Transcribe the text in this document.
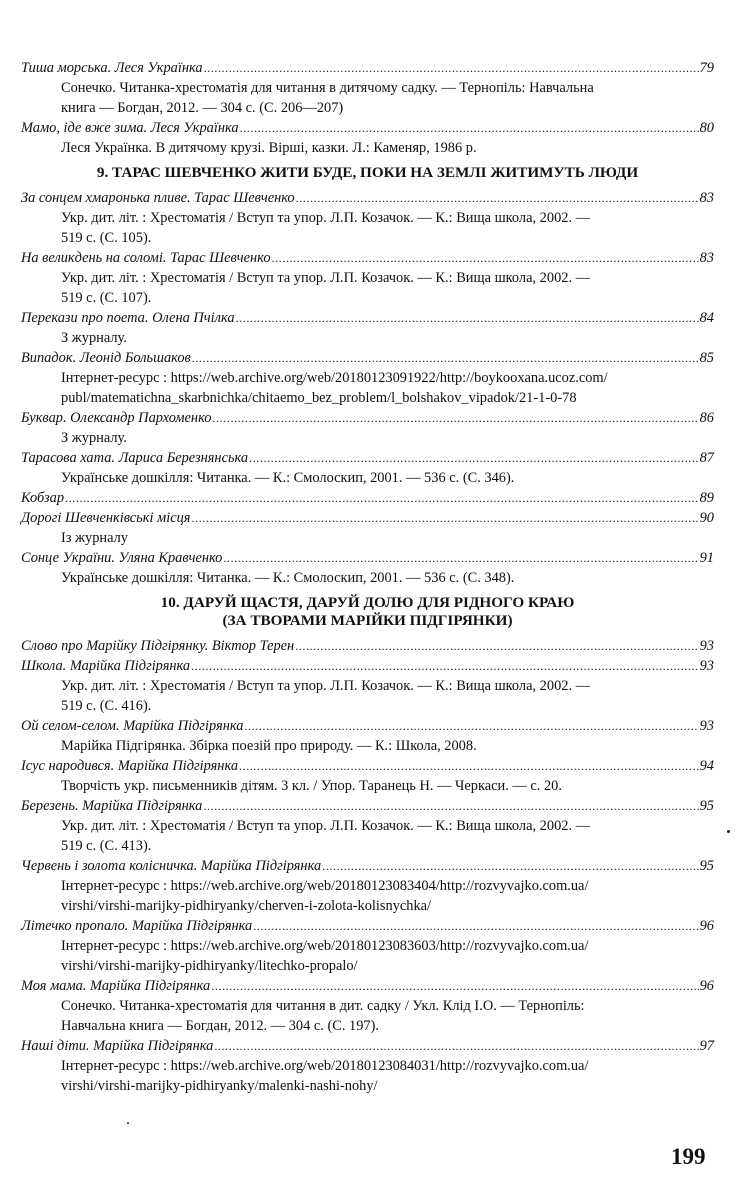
Тиша морська. Леся Українка .....	79
Сонечко. Читанка-хрестоматія для читання в дитячому садку. — Тернопіль: Навчальна
книга — Богдан, 2012. — 304 с. (С. 206—207)
Мамо, іде вже зима. Леся Українка .....	80
Леся Українка. В дитячому крузі. Вірші, казки. Л.: Каменяр, 1986 р.
9. ТАРАС ШЕВЧЕНКО ЖИТИ БУДЕ, ПОКИ НА ЗЕМЛІ ЖИТИМУТЬ ЛЮДИ
За сонцем хмаронька пливе. Тарас Шевченко .....	83
Укр. дит. літ. : Хрестоматія / Вступ та упор. Л.П. Козачок. — К.: Вища школа, 2002. —
519 с. (С. 105).
На великдень на соломі. Тарас Шевченко .....	83
Укр. дит. літ. : Хрестоматія / Вступ та упор. Л.П. Козачок. — К.: Вища школа, 2002. —
519 с. (С. 107).
Перекази про поета. Олена Пчілка .....	84
З журналу.
Випадок. Леонід Большаков .....	85
Інтернет-ресурс : https://web.archive.org/web/20180123091922/http://boykooxana.ucoz.com/
publ/matematichna_skarbnichka/chitaemo_bez_problem/l_bolshakov_vipadok/21-1-0-78
Буквар. Олександр Пархоменко .....	86
З журналу.
Тарасова хата. Лариса Березнянська .....	87
Українське дошкілля: Читанка. — К.: Смолоскип, 2001. — 536 с. (С. 346).
Кобзар .....	89
Дорогі Шевченківські місця .....	90
Із журналу
Сонце України. Уляна Кравченко .....	91
Українське дошкілля: Читанка. — К.: Смолоскип, 2001. — 536 с. (С. 348).
10. ДАРУЙ ЩАСТЯ, ДАРУЙ ДОЛЮ ДЛЯ РІДНОГО КРАЮ
(ЗА ТВОРАМИ МАРІЙКИ ПІДГІРЯНКИ)
Слово про Марійку Підгірянку. Віктор Терен .....	93
Школа. Марійка Підгірянка .....	93
Укр. дит. літ. : Хрестоматія / Вступ та упор. Л.П. Козачок. — К.: Вища школа, 2002. —
519 с. (С. 416).
Ой селом-селом. Марійка Підгірянка .....	93
Марійка Підгірянка. Збірка поезій про природу. — К.: Школа, 2008.
Ісус народився. Марійка Підгірянка .....	94
Творчість укр. письменників дітям. 3 кл. / Упор. Таранець Н. — Черкаси. — с. 20.
Березень. Марійка Підгірянка .....	95
Укр. дит. літ. : Хрестоматія / Вступ та упор. Л.П. Козачок. — К.: Вища школа, 2002. —
519 с. (С. 413).
Червень і золота колісничка. Марійка Підгірянка .....	95
Інтернет-ресурс : https://web.archive.org/web/20180123083404/http://rozvyvajko.com.ua/
virshi/virshi-marijky-pidhiryanky/cherven-i-zolota-kolisnychka/
Літечко пропало. Марійка Підгірянка .....	96
Інтернет-ресурс : https://web.archive.org/web/20180123083603/http://rozvyvajko.com.ua/
virshi/virshi-marijky-pidhiryanky/litechko-propalo/
Моя мама. Марійка Підгірянка .....	96
Сонечко. Читанка-хрестоматія для читання в дит. садку / Укл. Клід І.О. — Тернопіль:
Навчальна книга — Богдан, 2012. — 304 с. (С. 197).
Наші діти. Марійка Підгірянка .....	97
Інтернет-ресурс : https://web.archive.org/web/20180123084031/http://rozvyvajko.com.ua/
virshi/virshi-marijky-pidhiryanky/malenki-nashi-nohy/
199
